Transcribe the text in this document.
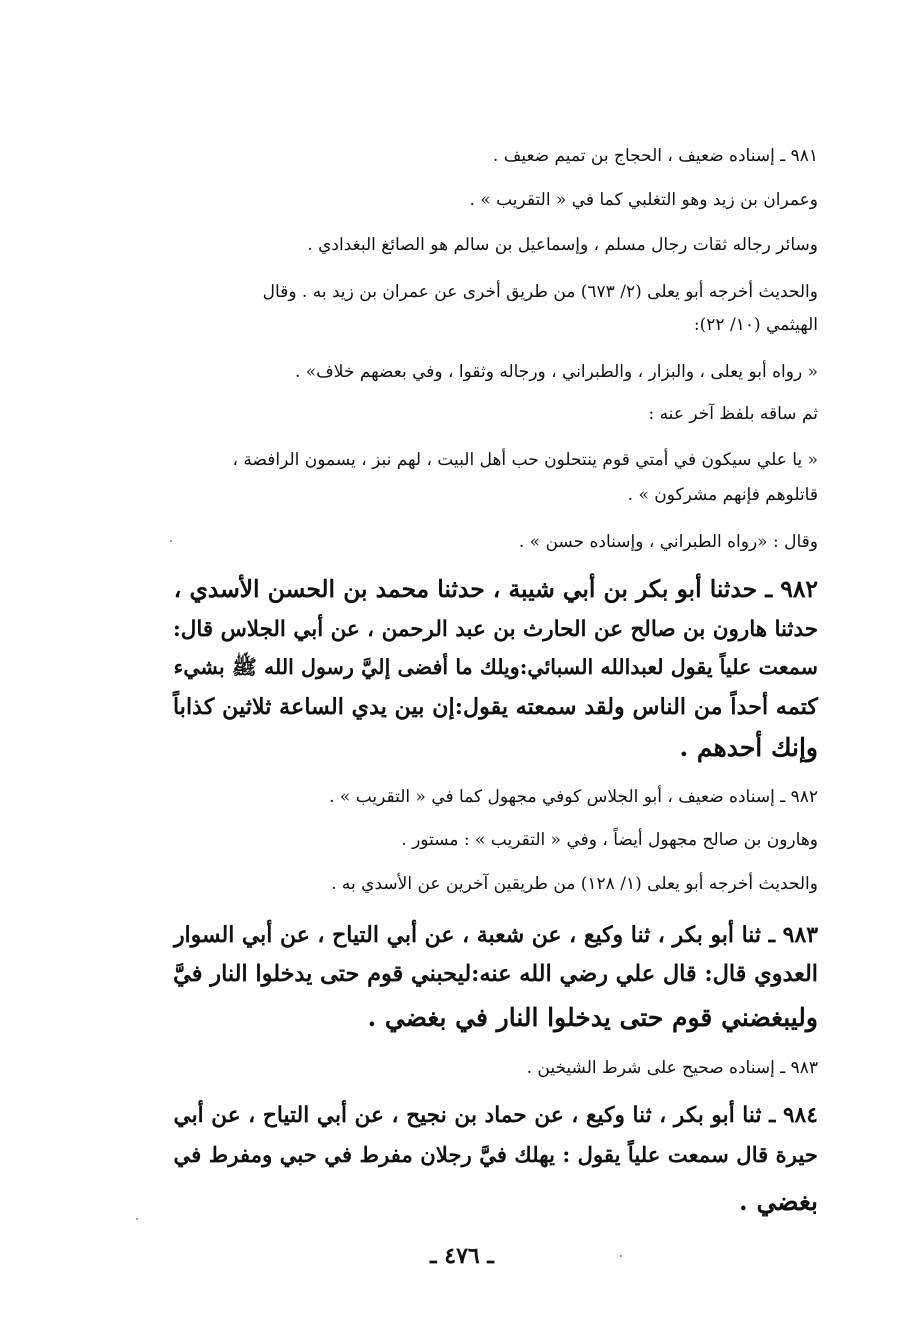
٩٨١ ـ إسناده ضعيف ، الحجاج بن تميم ضعيف .
وعمران بن زيد وهو التغلبي كما في « التقريب » .
وسائر رجاله ثقات رجال مسلم ، وإسماعيل بن سالم هو الصائغ البغدادي .
والحديث أخرجه أبو يعلى (٢/ ٦٧٣) من طريق أخرى عن عمران بن زيد به . وقال
الهيثمي (١٠/ ٢٢):
« رواه أبو يعلى ، والبزار ، والطبراني ، ورجاله وثقوا ، وفي بعضهم خلاف» .
ثم ساقه بلفظ آخر عنه :
« يا علي سيكون في أمتي قوم ينتحلون حب أهل البيت ، لهم نبز ، يسمون الرافضة ،
قاتلوهم فإنهم مشركون » .
وقال : «رواه الطبراني ، وإسناده حسن » .
٩٨٢ ـ حدثنا أبو بكر بن أبي شيبة ، حدثنا محمد بن الحسن الأسدي ،
حدثنا هارون بن صالح عن الحارث بن عبد الرحمن ، عن أبي الجلاس قال:
سمعت علياً يقول لعبدالله السبائي:ويلك ما أفضى إليَّ رسول الله ﷺ بشيء
كتمه أحداً من الناس ولقد سمعته يقول:إن بين يدي الساعة ثلاثين كذاباً
وإنك أحدهم .
٩٨٢ ـ إسناده ضعيف ، أبو الجلاس كوفي مجهول كما في « التقريب » .
وهارون بن صالح مجهول أيضاً ، وفي « التقريب » : مستور .
والحديث أخرجه أبو يعلى (١/ ١٢٨) من طريقين آخرين عن الأسدي به .
٩٨٣ ـ ثنا أبو بكر ، ثنا وكيع ، عن شعبة ، عن أبي التياح ، عن أبي السوار
العدوي قال: قال علي رضي الله عنه:ليحبني قوم حتى يدخلوا النار فيَّ
وليبغضني قوم حتى يدخلوا النار في بغضي .
٩٨٣ ـ إسناده صحيح على شرط الشيخين .
٩٨٤ ـ ثنا أبو بكر ، ثنا وكيع ، عن حماد بن نجيح ، عن أبي التياح ، عن أبي
حيرة قال سمعت علياً يقول : يهلك فيَّ رجلان مفرط في حبي ومفرط في
بغضي .
ـ ٤٧٦ ـ
